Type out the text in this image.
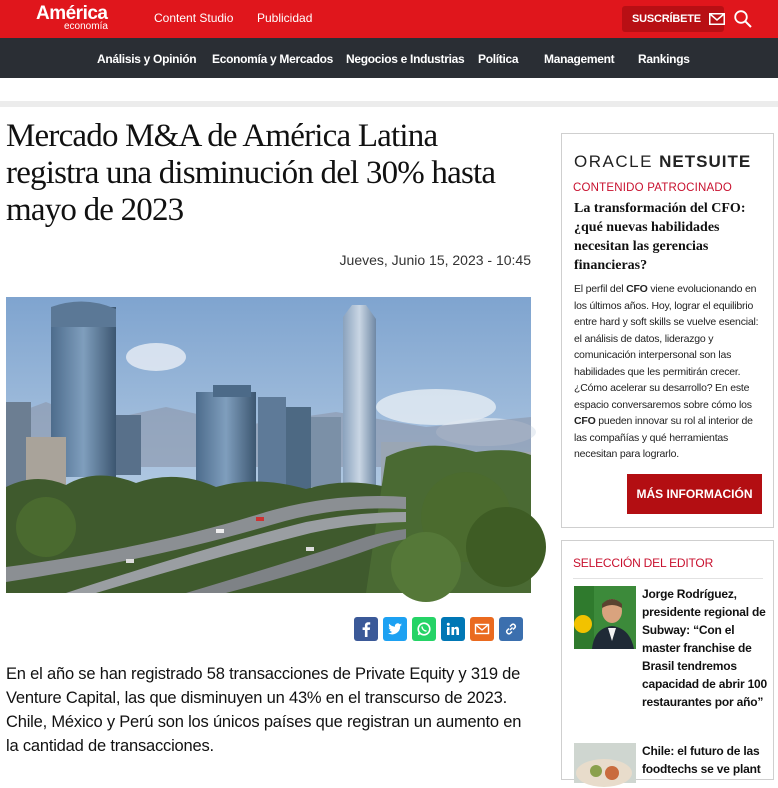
América
economía
Content Studio Publicidad	SUSCRÍBETE
Análisis y Opinión Economía y Mercados Negocios e Industrias Política Management Rankings
Mercado M&A de América Latina registra una disminución del 30% hasta mayo de 2023
Jueves, Junio 15, 2023 - 10:45

En el año se han registrado 58 transacciones de Private Equity y 319 de Venture Capital, las que disminuyen un 43% en el transcurso de 2023. Chile, México y Perú son los únicos países que registran un aumento en la cantidad de transacciones.

ORACLE NETSUITE
CONTENIDO PATROCINADO
La transformación del CFO: ¿qué nuevas habilidades necesitan las gerencias financieras?
El perfil del CFO viene evolucionando en los últimos años. Hoy, lograr el equilibrio entre hard y soft skills se vuelve esencial: el análisis de datos, liderazgo y comunicación interpersonal son las habilidades que les permitirán crecer. ¿Cómo acelerar su desarrollo? En este espacio conversaremos sobre cómo los CFO pueden innovar su rol al interior de las compañías y qué herramientas necesitan para lograrlo.
MÁS INFORMACIÓN
SELECCIÓN DEL EDITOR
Jorge Rodríguez, presidente regional de Subway: “Con el master franchise de Brasil tendremos capacidad de abrir 100 restaurantes por año”
Chile: el futuro de las foodtechs se ve plant
